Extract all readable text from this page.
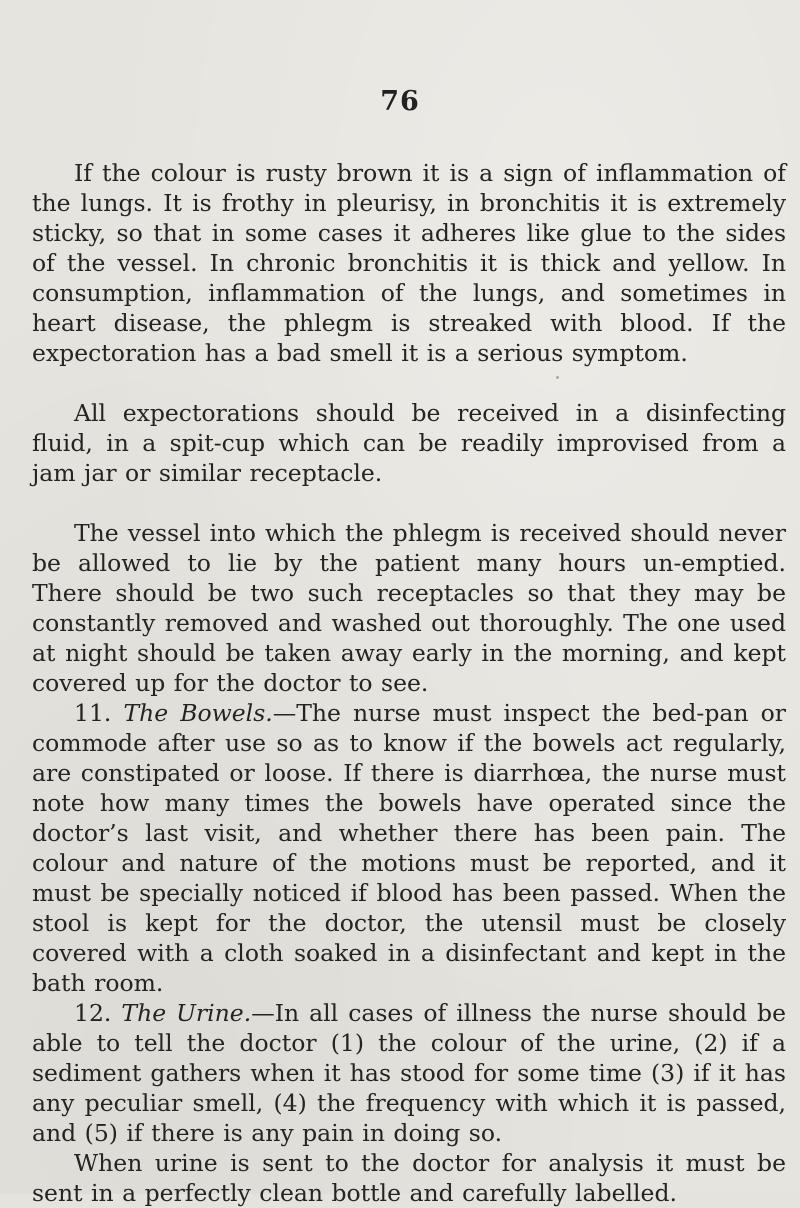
76

If the colour is rusty brown it is a sign of inflammation of the lungs. It is frothy in pleurisy, in bronchitis it is extremely sticky, so that in some cases it adheres like glue to the sides of the vessel. In chronic bronchitis it is thick and yellow. In consumption, inflammation of the lungs, and sometimes in heart disease, the phlegm is streaked with blood. If the expectoration has a bad smell it is a serious symptom.

All expectorations should be received in a disinfecting fluid, in a spit-cup which can be readily improvised from a jam jar or similar receptacle.

The vessel into which the phlegm is received should never be allowed to lie by the patient many hours un-emptied. There should be two such receptacles so that they may be constantly removed and washed out thoroughly. The one used at night should be taken away early in the morning, and kept covered up for the doctor to see.

11. The Bowels.—The nurse must inspect the bed-pan or commode after use so as to know if the bowels act regularly, are constipated or loose. If there is diarrhœa, the nurse must note how many times the bowels have operated since the doctor’s last visit, and whether there has been pain. The colour and nature of the motions must be reported, and it must be specially noticed if blood has been passed. When the stool is kept for the doctor, the utensil must be closely covered with a cloth soaked in a disinfectant and kept in the bath room.

12. The Urine.—In all cases of illness the nurse should be able to tell the doctor (1) the colour of the urine, (2) if a sediment gathers when it has stood for some time (3) if it has any peculiar smell, (4) the frequency with which it is passed, and (5) if there is any pain in doing so.

When urine is sent to the doctor for analysis it must be sent in a perfectly clean bottle and carefully labelled.
